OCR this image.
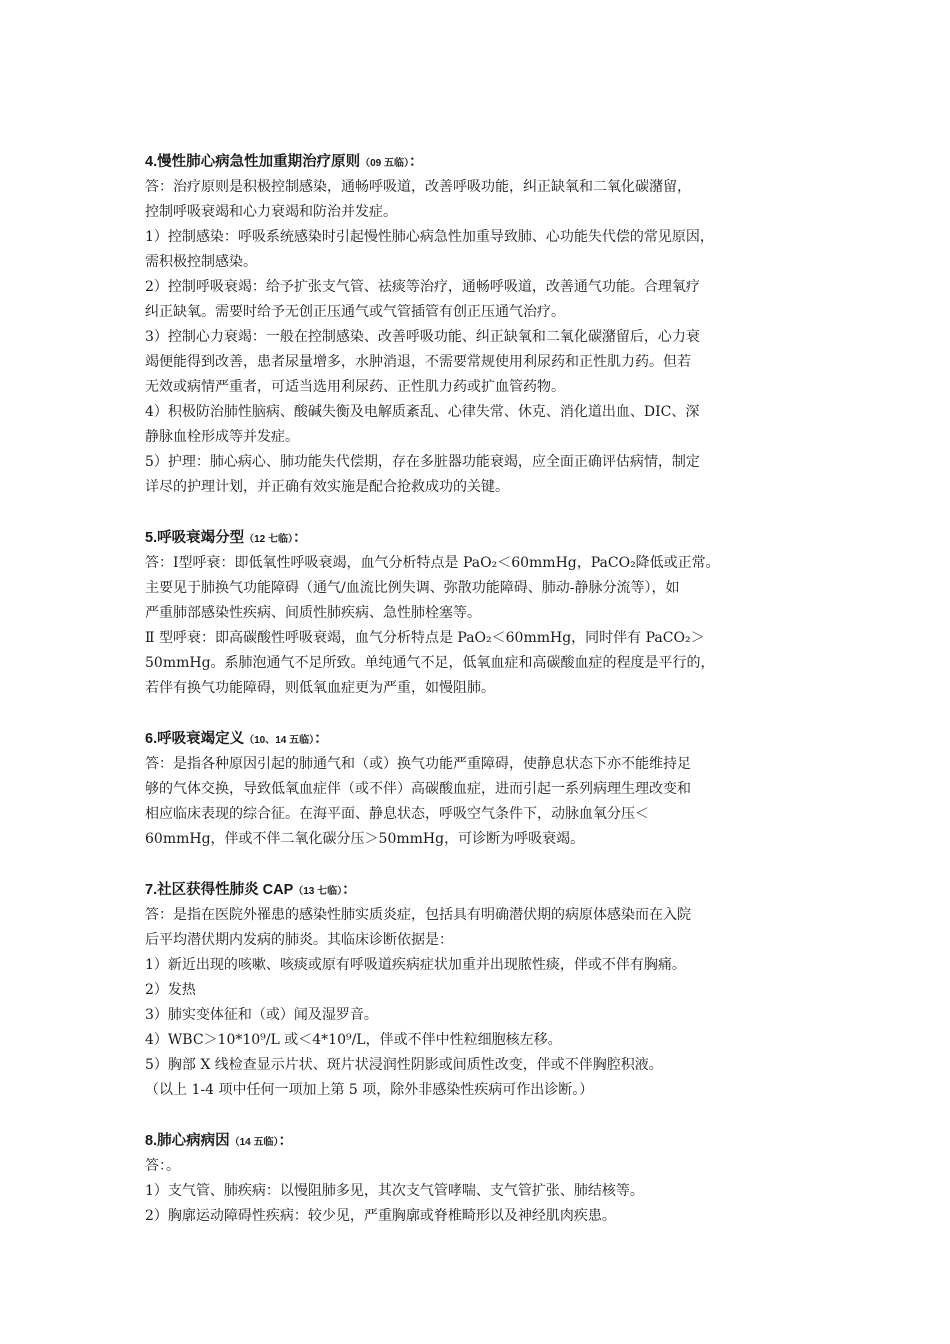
4.慢性肺心病急性加重期治疗原则（09 五临）：
答：治疗原则是积极控制感染，通畅呼吸道，改善呼吸功能，纠正缺氧和二氧化碳潴留，
控制呼吸衰竭和心力衰竭和防治并发症。
1）控制感染：呼吸系统感染时引起慢性肺心病急性加重导致肺、心功能失代偿的常见原因，
需积极控制感染。
2）控制呼吸衰竭：给予扩张支气管、祛痰等治疗，通畅呼吸道，改善通气功能。合理氧疗
纠正缺氧。需要时给予无创正压通气或气管插管有创正压通气治疗。
3）控制心力衰竭：一般在控制感染、改善呼吸功能、纠正缺氧和二氧化碳潴留后，心力衰
竭便能得到改善，患者尿量增多，水肿消退，不需要常规使用利尿药和正性肌力药。但若
无效或病情严重者，可适当选用利尿药、正性肌力药或扩血管药物。
4）积极防治肺性脑病、酸碱失衡及电解质紊乱、心律失常、休克、消化道出血、DIC、深
静脉血栓形成等并发症。
5）护理：肺心病心、肺功能失代偿期，存在多脏器功能衰竭，应全面正确评估病情，制定
详尽的护理计划，并正确有效实施是配合抢救成功的关键。
5.呼吸衰竭分型（12 七临）：
答：Ⅰ型呼衰：即低氧性呼吸衰竭，血气分析特点是 PaO₂＜60mmHg，PaCO₂降低或正常。
主要见于肺换气功能障碍（通气/血流比例失调、弥散功能障碍、肺动-静脉分流等），如
严重肺部感染性疾病、间质性肺疾病、急性肺栓塞等。
Ⅱ 型呼衰：即高碳酸性呼吸衰竭，血气分析特点是 PaO₂＜60mmHg，同时伴有 PaCO₂＞
50mmHg。系肺泡通气不足所致。单纯通气不足，低氧血症和高碳酸血症的程度是平行的，
若伴有换气功能障碍，则低氧血症更为严重，如慢阻肺。
6.呼吸衰竭定义（10、14 五临）：
答：是指各种原因引起的肺通气和（或）换气功能严重障碍，使静息状态下亦不能维持足
够的气体交换，导致低氧血症伴（或不伴）高碳酸血症，进而引起一系列病理生理改变和
相应临床表现的综合征。在海平面、静息状态，呼吸空气条件下，动脉血氧分压＜
60mmHg，伴或不伴二氧化碳分压＞50mmHg，可诊断为呼吸衰竭。
7.社区获得性肺炎 CAP（13 七临）：
答：是指在医院外罹患的感染性肺实质炎症，包括具有明确潜伏期的病原体感染而在入院
后平均潜伏期内发病的肺炎。其临床诊断依据是：
1）新近出现的咳嗽、咳痰或原有呼吸道疾病症状加重并出现脓性痰，伴或不伴有胸痛。
2）发热
3）肺实变体征和（或）闻及湿罗音。
4）WBC＞10*10⁹/L 或＜4*10⁹/L，伴或不伴中性粒细胞核左移。
5）胸部 X 线检查显示片状、斑片状浸润性阴影或间质性改变，伴或不伴胸腔积液。
（以上 1-4 项中任何一项加上第 5 项，除外非感染性疾病可作出诊断。）
8.肺心病病因（14 五临）：
答：。
1）支气管、肺疾病：以慢阻肺多见，其次支气管哮喘、支气管扩张、肺结核等。
2）胸廓运动障碍性疾病：较少见，严重胸廓或脊椎畸形以及神经肌肉疾患。
